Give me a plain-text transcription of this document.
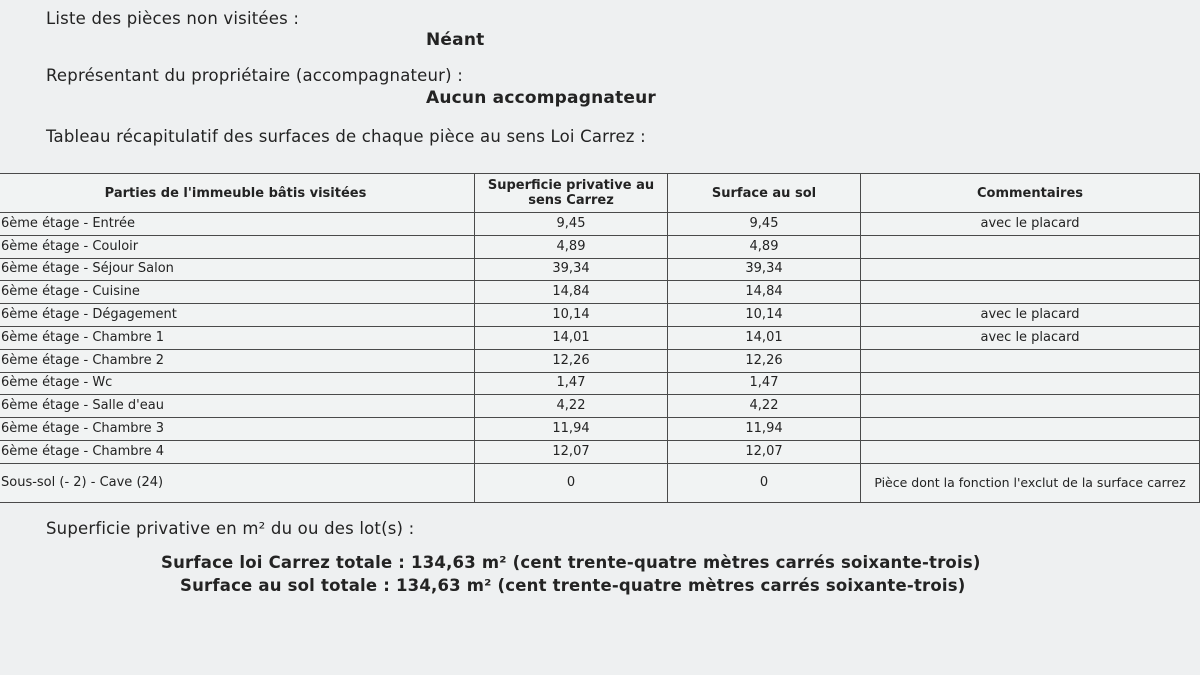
Liste des pièces non visitées :
Néant
Représentant du propriétaire (accompagnateur) :
Aucun accompagnateur
Tableau récapitulatif des surfaces de chaque pièce au sens Loi Carrez :
Parties de l'immeuble bâtis visitées	Superficie privative au sens Carrez	Surface au sol	Commentaires
6ème étage - Entrée	9,45	9,45	avec le placard
6ème étage - Couloir	4,89	4,89	
6ème étage - Séjour Salon	39,34	39,34	
6ème étage - Cuisine	14,84	14,84	
6ème étage - Dégagement	10,14	10,14	avec le placard
6ème étage - Chambre 1	14,01	14,01	avec le placard
6ème étage - Chambre 2	12,26	12,26	
6ème étage - Wc	1,47	1,47	
6ème étage - Salle d'eau	4,22	4,22	
6ème étage - Chambre 3	11,94	11,94	
6ème étage - Chambre 4	12,07	12,07	
Sous-sol (- 2) - Cave (24)	0	0	Pièce dont la fonction l'exclut de la surface carrez
Superficie privative en m² du ou des lot(s) :
Surface loi Carrez totale : 134,63 m² (cent trente-quatre mètres carrés soixante-trois)
Surface au sol totale : 134,63 m² (cent trente-quatre mètres carrés soixante-trois)
